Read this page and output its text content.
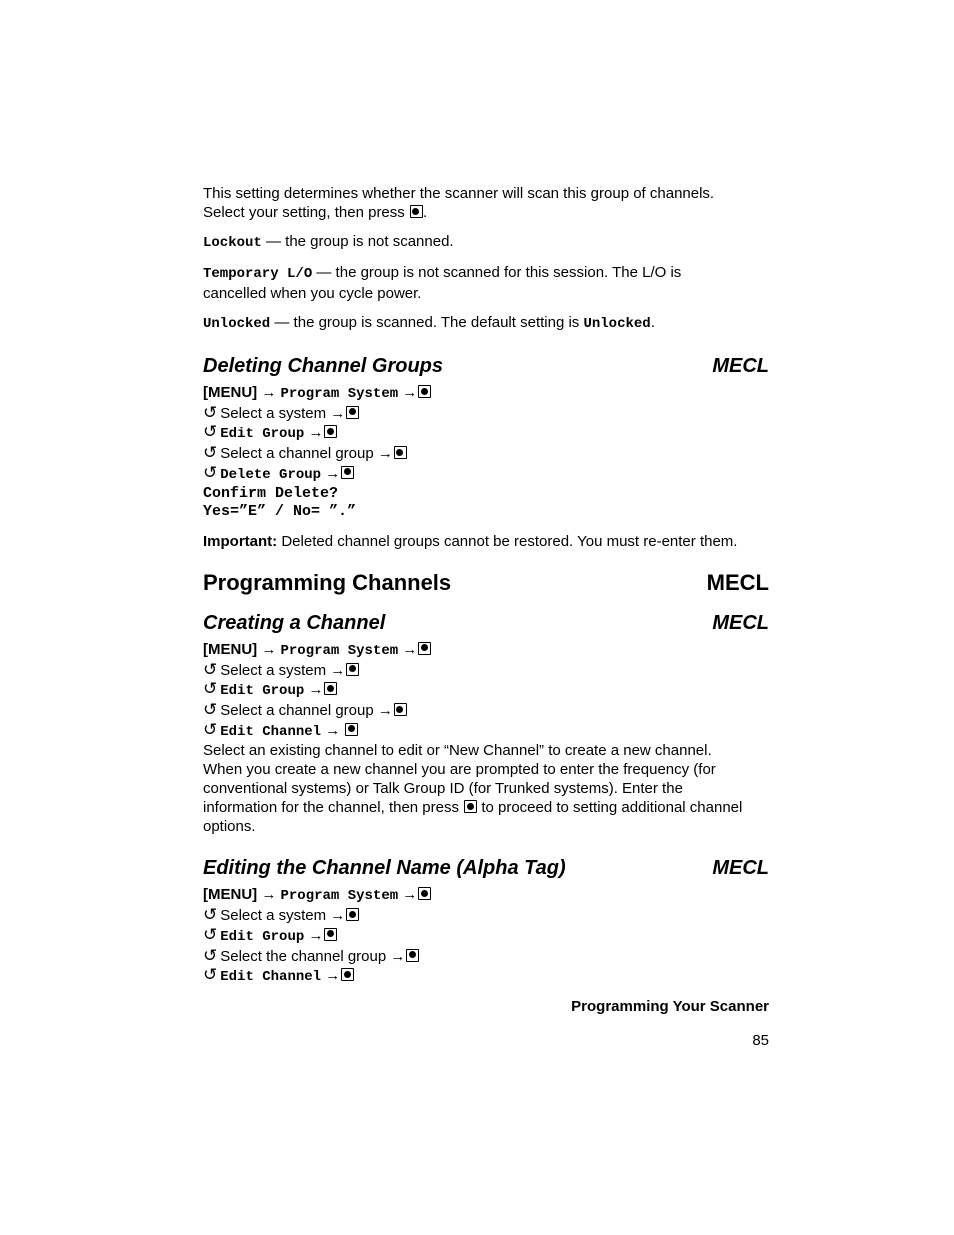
This setting determines whether the scanner will scan this group of channels.

Select your setting, then press .

Lockout — the group is not scanned.

Temporary L/O — the group is not scanned for this session. The L/O is

cancelled when you cycle power.

Unlocked — the group is scanned. The default setting is Unlocked.

Deleting Channel Groups	MECL
[MENU] → Program System →
↺ Select a system →
↺ Edit Group →
↺ Select a channel group →
↺ Delete Group →
Confirm Delete?
Yes=”E” / No= ”.”

Important: Deleted channel groups cannot be restored. You must re-enter them.

Programming Channels	MECL
Creating a Channel	MECL
[MENU] → Program System →
↺ Select a system →
↺ Edit Group →
↺ Select a channel group →
↺ Edit Channel →

Select an existing channel to edit or “New Channel” to create a new channel.

When you create a new channel you are prompted to enter the frequency (for

conventional systems) or Talk Group ID (for Trunked systems). Enter the

information for the channel, then press  to proceed to setting additional channel

options.

Editing the Channel Name (Alpha Tag)	MECL
[MENU] → Program System →
↺ Select a system →
↺ Edit Group →
↺ Select the channel group →
↺ Edit Channel →
Programming Your Scanner
85
